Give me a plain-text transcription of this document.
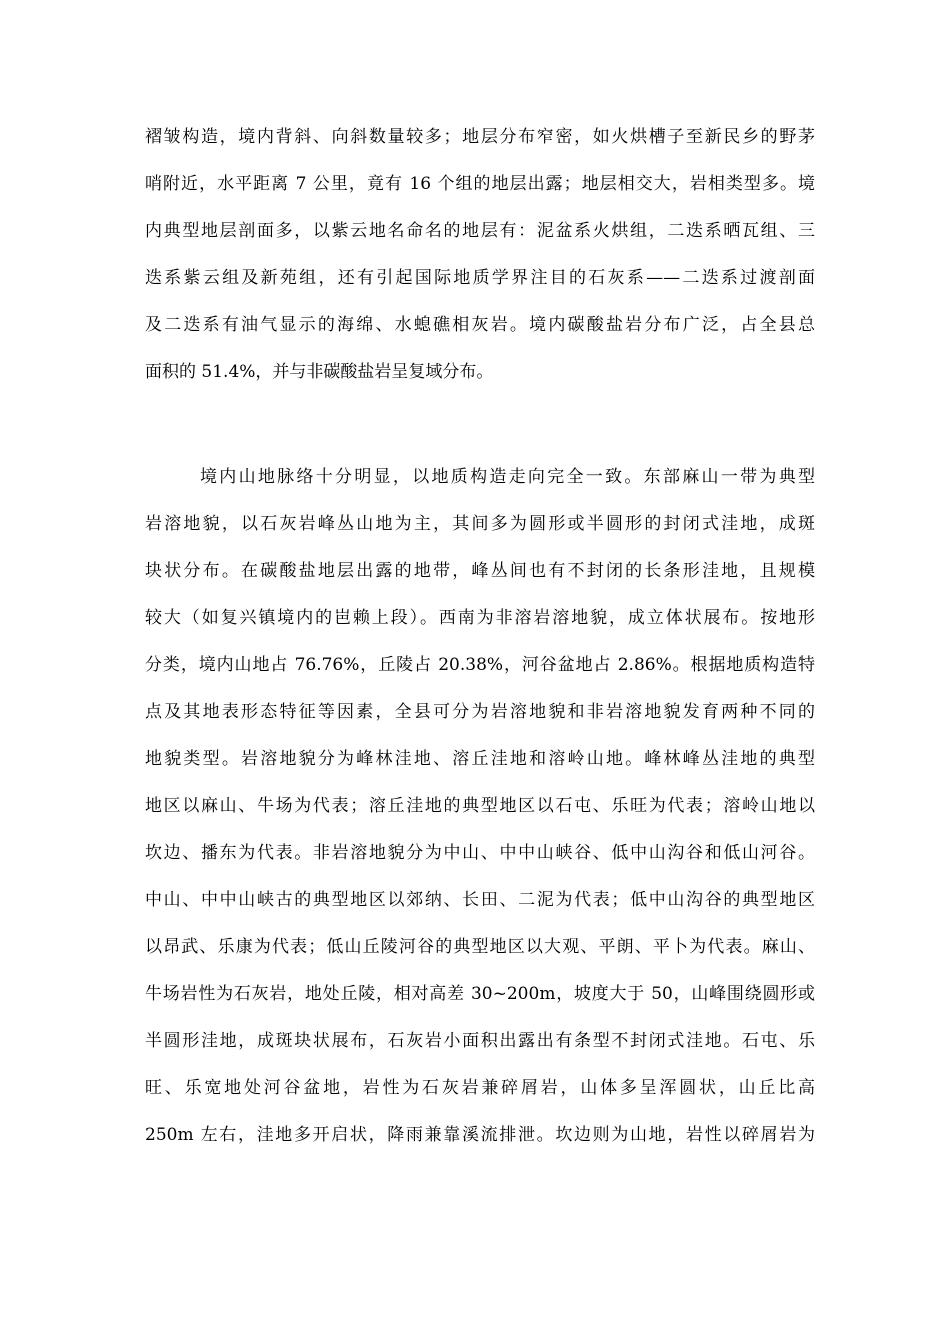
褶皱构造，境内背斜、向斜数量较多；地层分布窄密，如火烘槽子至新民乡的野茅
哨附近，水平距离 7 公里，竟有 16 个组的地层出露；地层相交大，岩相类型多。境
内典型地层剖面多，以紫云地名命名的地层有：泥盆系火烘组，二迭系晒瓦组、三
迭系紫云组及新苑组，还有引起国际地质学界注目的石灰系——二迭系过渡剖面
及二迭系有油气显示的海绵、水螅礁相灰岩。境内碳酸盐岩分布广泛，占全县总
面积的 51.4%，并与非碳酸盐岩呈复域分布。
境内山地脉络十分明显，以地质构造走向完全一致。东部麻山一带为典型
岩溶地貌，以石灰岩峰丛山地为主，其间多为圆形或半圆形的封闭式洼地，成斑
块状分布。在碳酸盐地层出露的地带，峰丛间也有不封闭的长条形洼地，且规模
较大（如复兴镇境内的岜赖上段）。西南为非溶岩溶地貌，成立体状展布。按地形
分类，境内山地占 76.76%，丘陵占 20.38%，河谷盆地占 2.86%。根据地质构造特
点及其地表形态特征等因素，全县可分为岩溶地貌和非岩溶地貌发育两种不同的
地貌类型。岩溶地貌分为峰林洼地、溶丘洼地和溶岭山地。峰林峰丛洼地的典型
地区以麻山、牛场为代表；溶丘洼地的典型地区以石屯、乐旺为代表；溶岭山地以
坎边、播东为代表。非岩溶地貌分为中山、中中山峡谷、低中山沟谷和低山河谷。
中山、中中山峡古的典型地区以郊纳、长田、二泥为代表；低中山沟谷的典型地区
以昂武、乐康为代表；低山丘陵河谷的典型地区以大观、平朗、平卜为代表。麻山、
牛场岩性为石灰岩，地处丘陵，相对高差 30~200m，坡度大于 50，山峰围绕圆形或
半圆形洼地，成斑块状展布，石灰岩小面积出露出有条型不封闭式洼地。石屯、乐
旺、乐宽地处河谷盆地，岩性为石灰岩兼碎屑岩，山体多呈浑圆状，山丘比高
250m 左右，洼地多开启状，降雨兼靠溪流排泄。坎边则为山地，岩性以碎屑岩为
